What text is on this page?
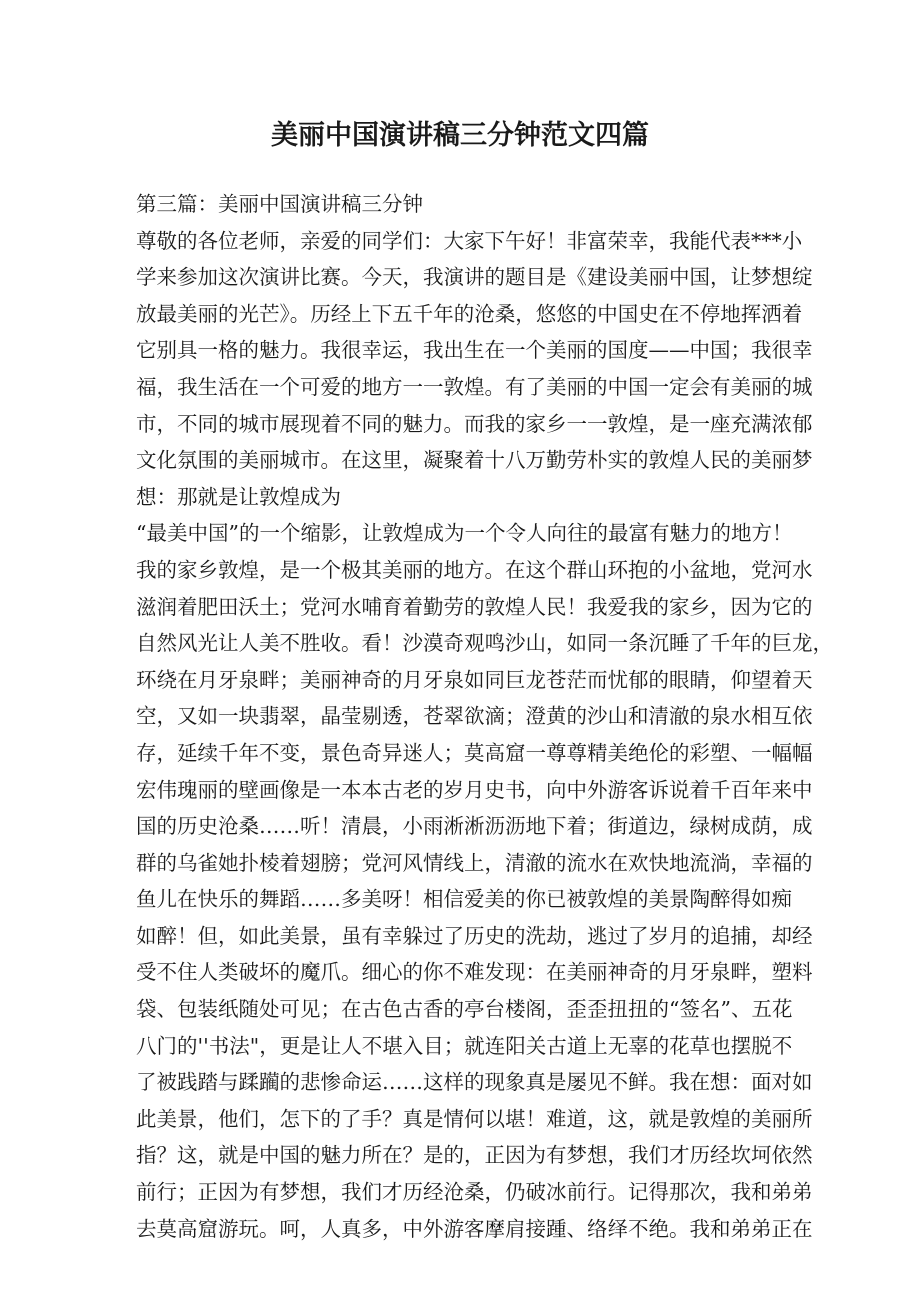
美丽中国演讲稿三分钟范文四篇
第三篇：美丽中国演讲稿三分钟
尊敬的各位老师，亲爱的同学们：大家下午好！非富荣幸，我能代表***小
学来参加这次演讲比赛。今天，我演讲的题目是《建设美丽中国，让梦想绽
放最美丽的光芒》。历经上下五千年的沧桑，悠悠的中国史在不停地挥洒着
它别具一格的魅力。我很幸运，我出生在一个美丽的国度——中国；我很幸
福，我生活在一个可爱的地方一一敦煌。有了美丽的中国一定会有美丽的城
市，不同的城市展现着不同的魅力。而我的家乡一一敦煌，是一座充满浓郁
文化氛围的美丽城市。在这里，凝聚着十八万勤劳朴实的敦煌人民的美丽梦
想：那就是让敦煌成为
“最美中国”的一个缩影，让敦煌成为一个令人向往的最富有魅力的地方！
我的家乡敦煌，是一个极其美丽的地方。在这个群山环抱的小盆地，党河水
滋润着肥田沃土；党河水哺育着勤劳的敦煌人民！我爱我的家乡，因为它的
自然风光让人美不胜收。看！沙漠奇观鸣沙山，如同一条沉睡了千年的巨龙，
环绕在月牙泉畔；美丽神奇的月牙泉如同巨龙苍茫而忧郁的眼睛，仰望着天
空，又如一块翡翠，晶莹剔透，苍翠欲滴；澄黄的沙山和清澈的泉水相互依
存，延续千年不变，景色奇异迷人；莫高窟一尊尊精美绝伦的彩塑、一幅幅
宏伟瑰丽的壁画像是一本本古老的岁月史书，向中外游客诉说着千百年来中
国的历史沧桑……听！清晨，小雨淅淅沥沥地下着；街道边，绿树成荫，成
群的乌雀她扑棱着翅膀；党河风情线上，清澈的流水在欢快地流淌，幸福的
鱼儿在快乐的舞蹈……多美呀！相信爱美的你已被敦煌的美景陶醉得如痴
如醉！但，如此美景，虽有幸躲过了历史的洗劫，逃过了岁月的追捕，却经
受不住人类破坏的魔爪。细心的你不难发现：在美丽神奇的月牙泉畔，塑料
袋、包装纸随处可见；在古色古香的亭台楼阁，歪歪扭扭的“签名”、五花
八门的''书法"，更是让人不堪入目；就连阳关古道上无辜的花草也摆脱不
了被践踏与蹂躏的悲惨命运……这样的现象真是屡见不鲜。我在想：面对如
此美景，他们，怎下的了手？真是情何以堪！难道，这，就是敦煌的美丽所
指？这，就是中国的魅力所在？是的，正因为有梦想，我们才历经坎坷依然
前行；正因为有梦想，我们才历经沧桑，仍破冰前行。记得那次，我和弟弟
去莫高窟游玩。呵，人真多，中外游客摩肩接踵、络绎不绝。我和弟弟正在
